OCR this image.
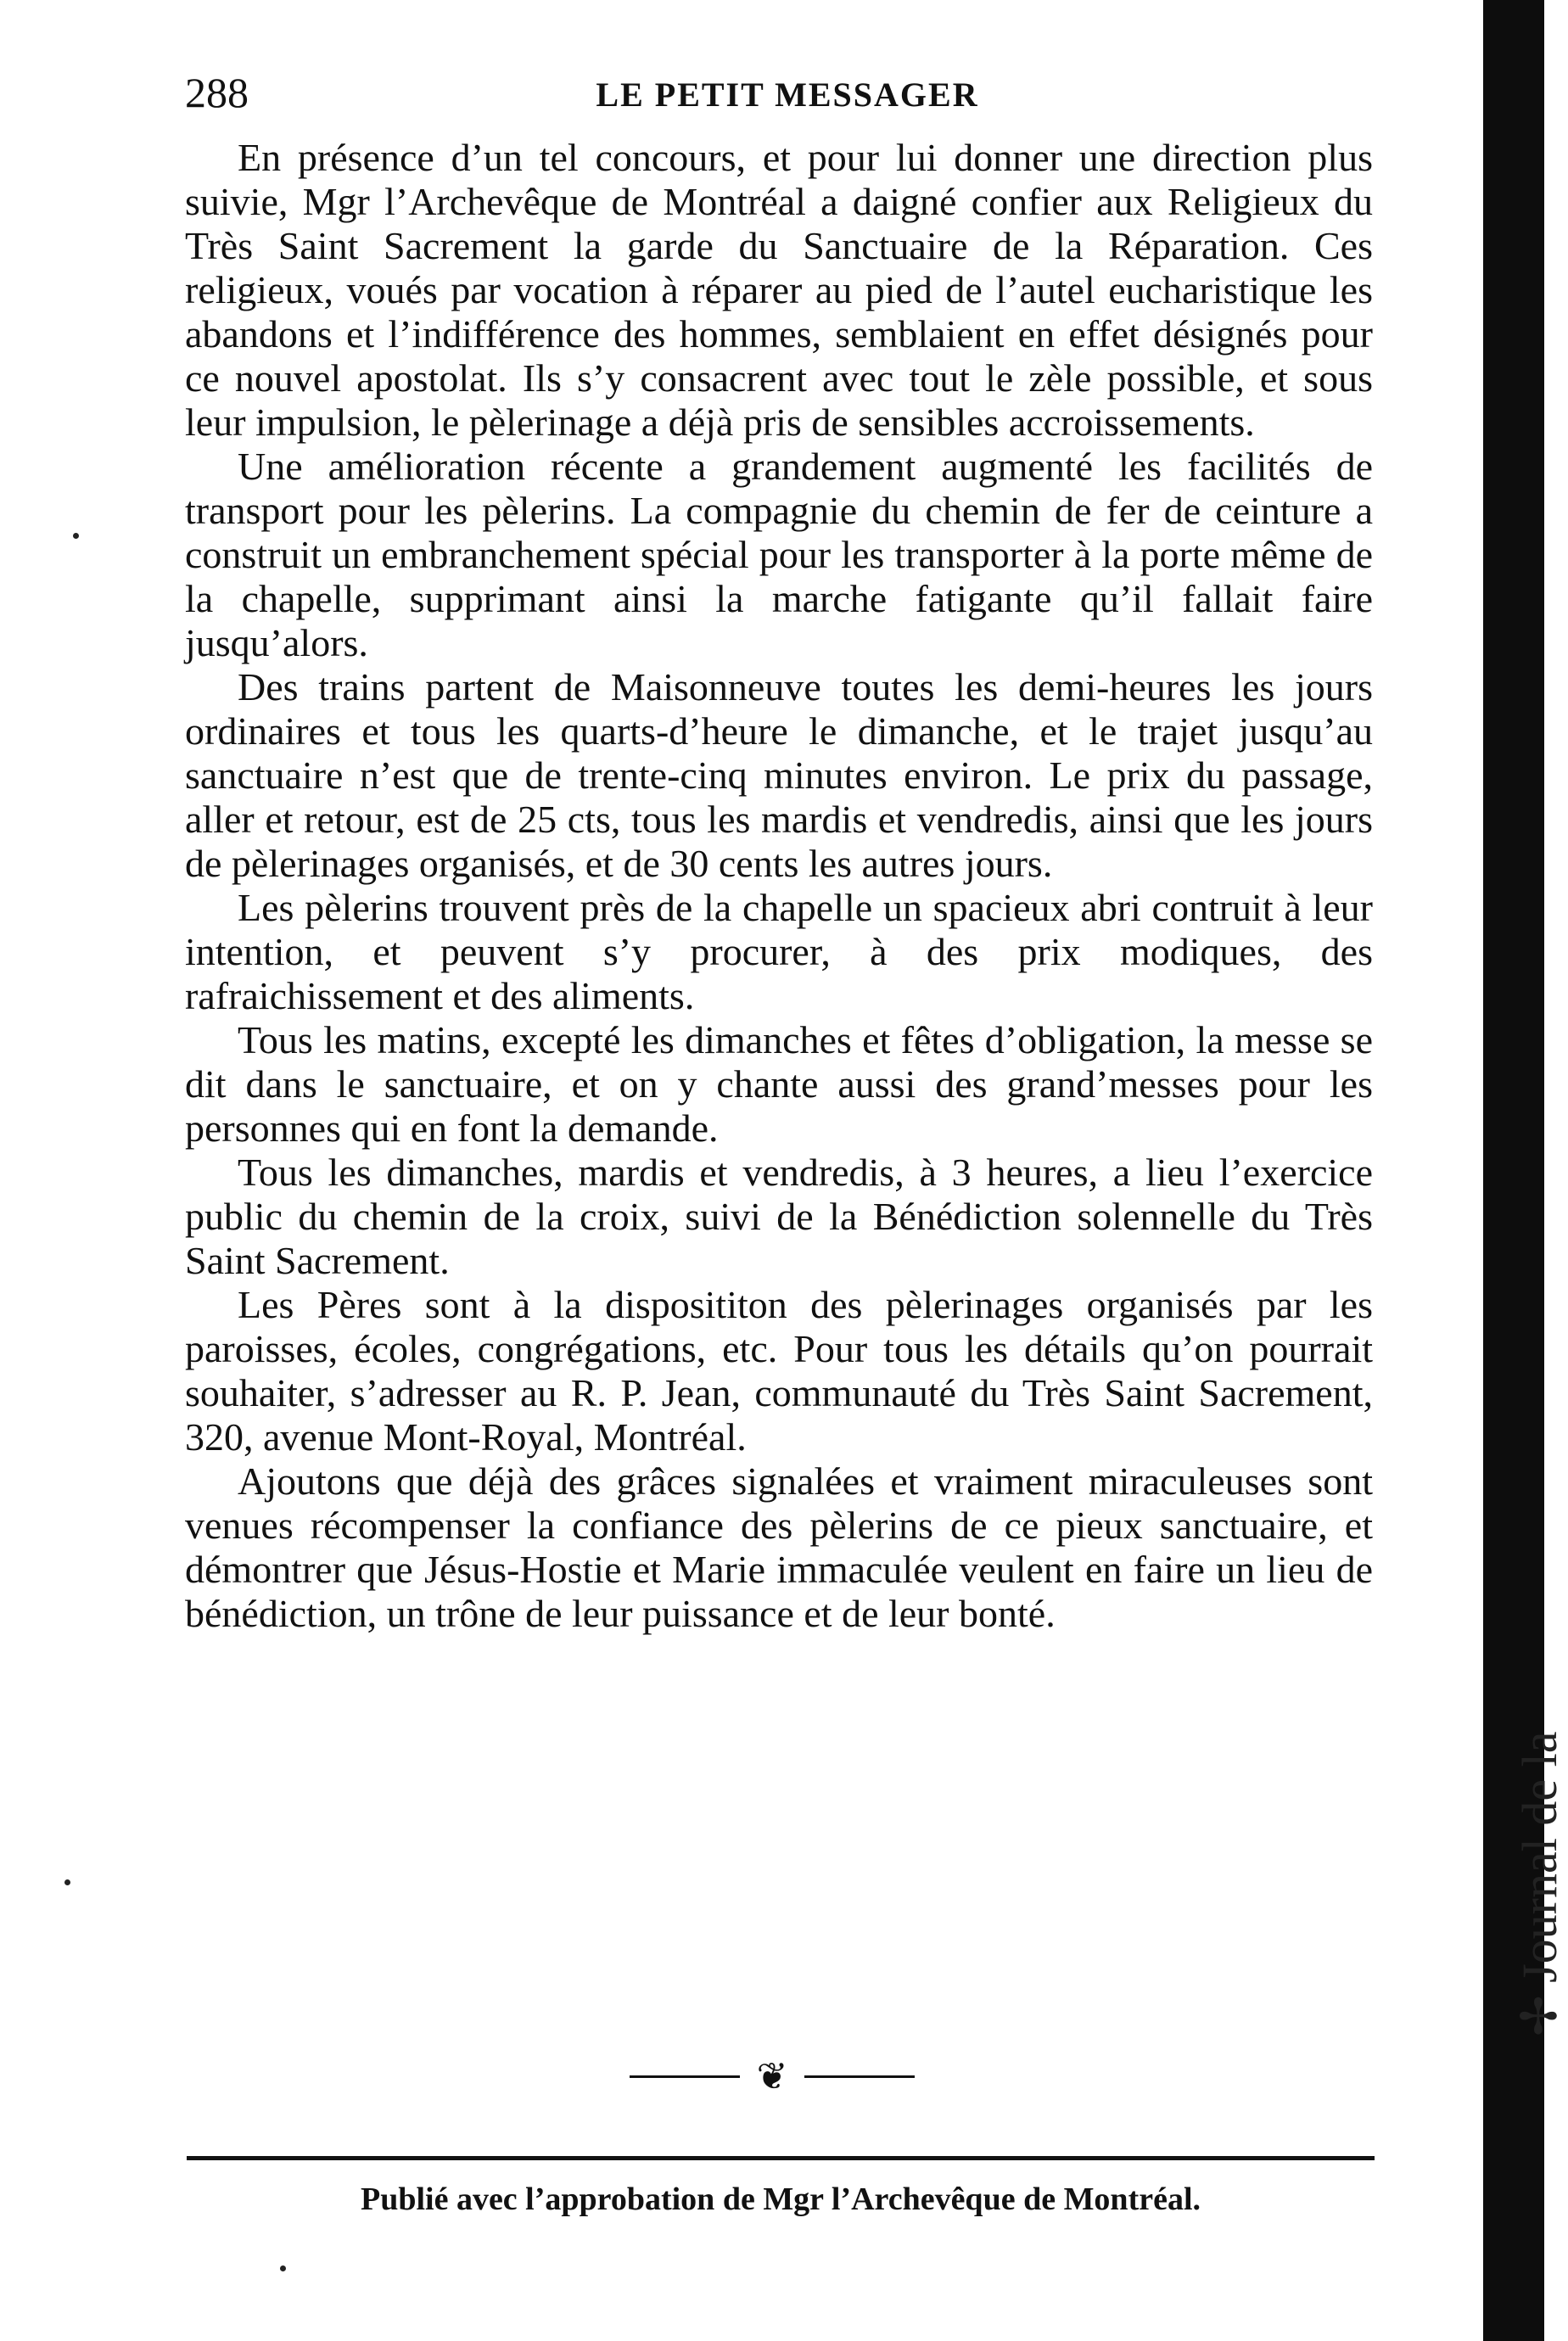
288	LE PETIT MESSAGER

En présence d’un tel concours, et pour lui donner une direction plus suivie, Mgr l’Archevêque de Montréal a daigné confier aux Religieux du Très Saint Sacrement la garde du Sanctuaire de la Réparation. Ces religieux, voués par vocation à réparer au pied de l’autel eucharistique les abandons et l’indifférence des hommes, semblaient en effet désignés pour ce nouvel apostolat. Ils s’y consacrent avec tout le zèle possible, et sous leur impulsion, le pèlerinage a déjà pris de sensibles accroissements.

Une amélioration récente a grandement augmenté les facilités de transport pour les pèlerins. La compagnie du chemin de fer de ceinture a construit un embranchement spécial pour les transporter à la porte même de la chapelle, supprimant ainsi la marche fatigante qu’il fallait faire jusqu’alors.

Des trains partent de Maisonneuve toutes les demi-heures les jours ordinaires et tous les quarts-d’heure le dimanche, et le trajet jusqu’au sanctuaire n’est que de trente-cinq minutes environ. Le prix du passage, aller et retour, est de 25 cts, tous les mardis et vendredis, ainsi que les jours de pèlerinages organisés, et de 30 cents les autres jours.

Les pèlerins trouvent près de la chapelle un spacieux abri contruit à leur intention, et peuvent s’y procurer, à des prix modiques, des rafraichissement et des aliments.

Tous les matins, excepté les dimanches et fêtes d’obligation, la messe se dit dans le sanctuaire, et on y chante aussi des grand’messes pour les personnes qui en font la demande.

Tous les dimanches, mardis et vendredis, à 3 heures, a lieu l’exercice public du chemin de la croix, suivi de la Bénédiction solennelle du Très Saint Sacrement.

Les Pères sont à la disposititon des pèlerinages organisés par les paroisses, écoles, congrégations, etc. Pour tous les détails qu’on pourrait souhaiter, s’adresser au R. P. Jean, communauté du Très Saint Sacrement, 320, avenue Mont-Royal, Montréal.

Ajoutons que déjà des grâces signalées et vraiment miraculeuses sont venues récompenser la confiance des pèlerins de ce pieux sanctuaire, et démontrer que Jésus-Hostie et Marie immaculée veulent en faire un lieu de bénédiction, un trône de leur puissance et de leur bonté.

❦
Publié avec l’approbation de Mgr l’Archevêque de Montréal.
✢ Journal de la
